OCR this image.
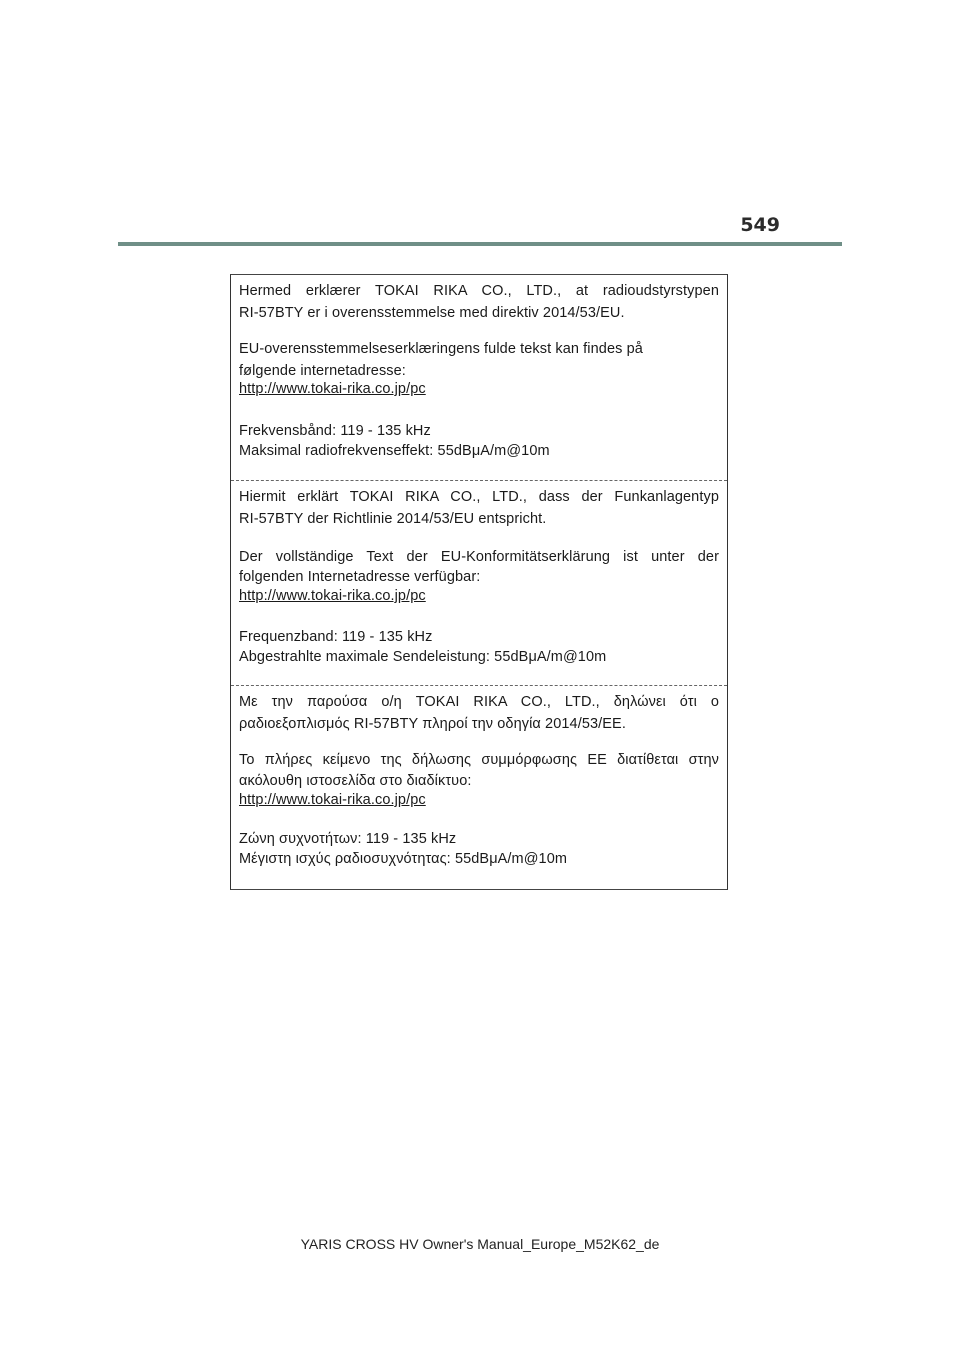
549
Hermed erklærer TOKAI RIKA CO., LTD., at radioudstyrstypen
RI-57BTY er i overensstemmelse med direktiv 2014/53/EU.
EU-overensstemmelseserklæringens fulde tekst kan findes på
følgende internetadresse:
http://www.tokai-rika.co.jp/pc
Frekvensbånd: 119 - 135 kHz
Maksimal radiofrekvenseffekt: 55dBμA/m@10m
Hiermit erklärt TOKAI RIKA CO., LTD., dass der Funkanlagentyp
RI-57BTY der Richtlinie 2014/53/EU entspricht.
Der vollständige Text der EU-Konformitätserklärung ist unter der
folgenden Internetadresse verfügbar:
http://www.tokai-rika.co.jp/pc
Frequenzband: 119 - 135 kHz
Abgestrahlte maximale Sendeleistung: 55dBμA/m@10m
Με την παρούσα ο/η TOKAI RIKA CO., LTD., δηλώνει ότι ο
ραδιοεξοπλισμός RI-57BTY πληροί την οδηγία 2014/53/ΕΕ.
Το πλήρες κείμενο της δήλωσης συμμόρφωσης ΕΕ διατίθεται στην
ακόλουθη ιστοσελίδα στο διαδίκτυο:
http://www.tokai-rika.co.jp/pc
Ζώνη συχνοτήτων: 119 - 135 kHz
Μέγιστη ισχύς ραδιοσυχνότητας: 55dBμA/m@10m
YARIS CROSS HV Owner's Manual_Europe_M52K62_de
